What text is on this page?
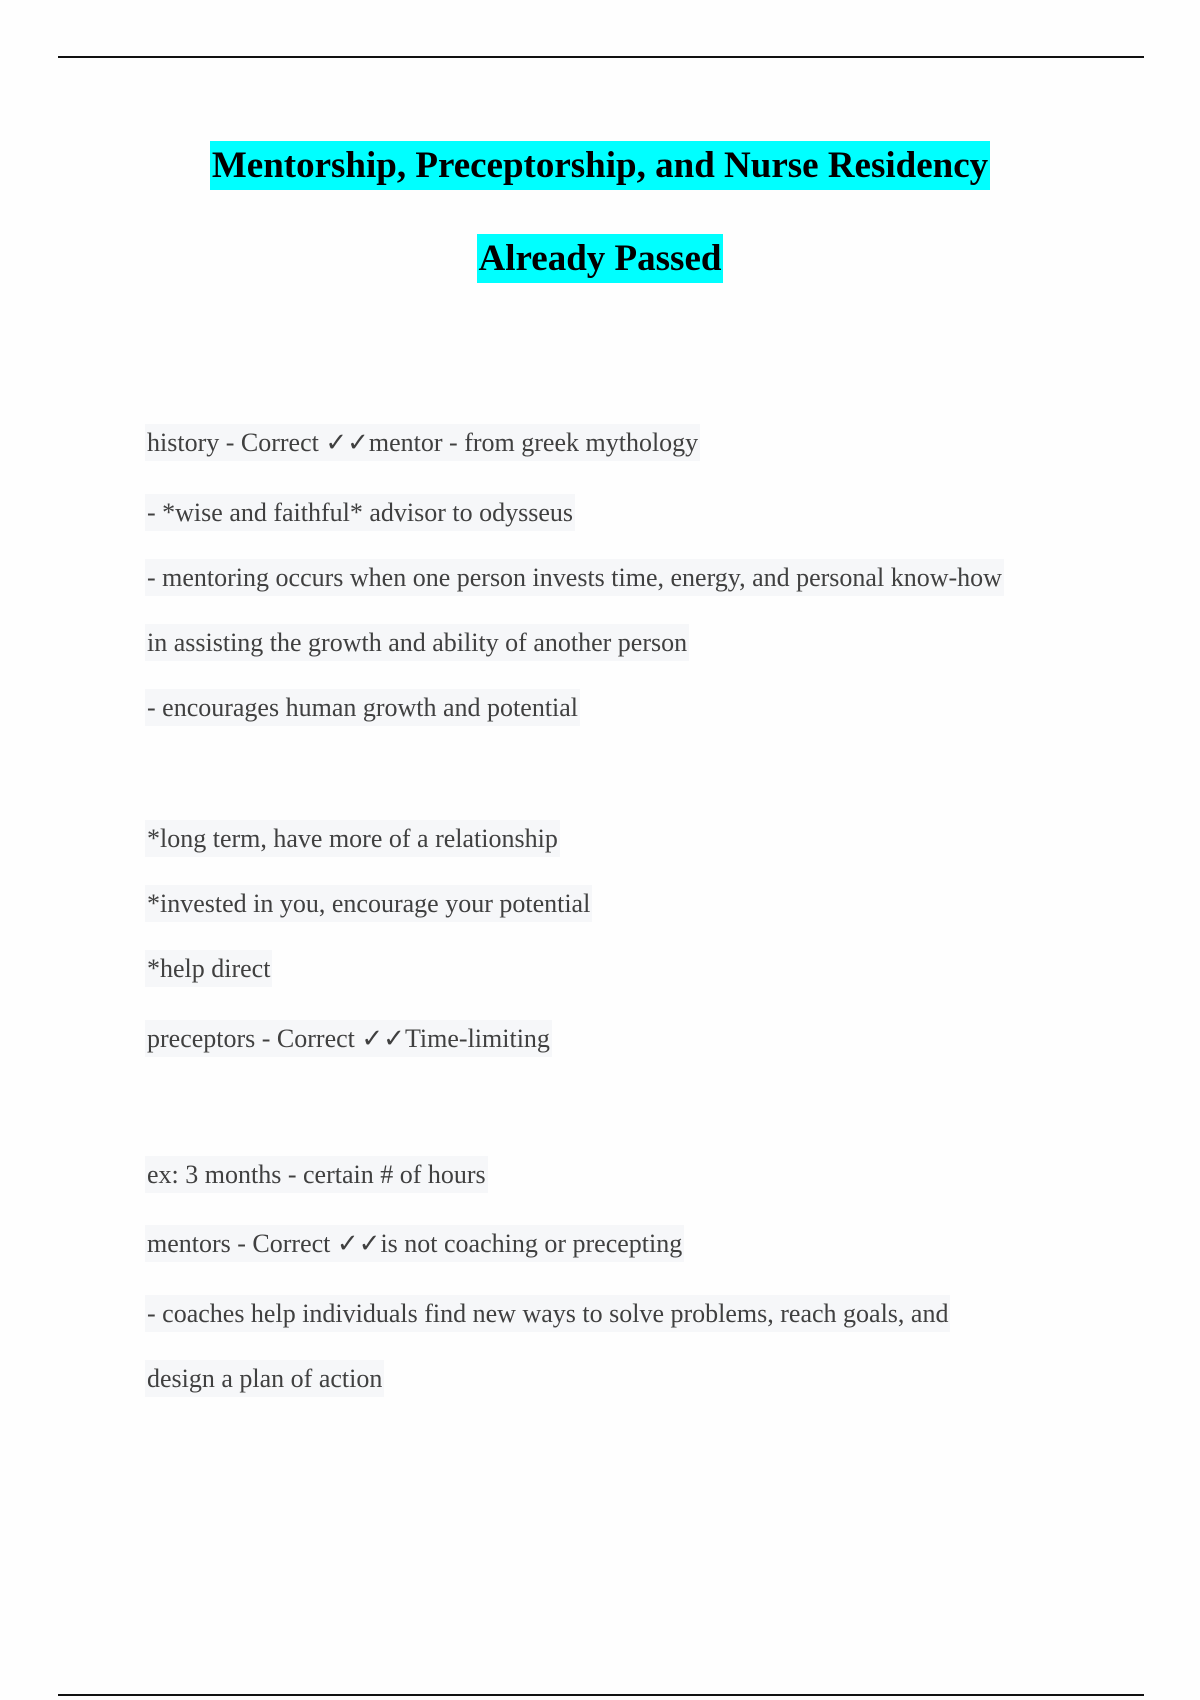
Mentorship, Preceptorship, and Nurse Residency
Already Passed
history - Correct ✓✓mentor - from greek mythology
- *wise and faithful* advisor to odysseus
- mentoring occurs when one person invests time, energy, and personal know-how
in assisting the growth and ability of another person
- encourages human growth and potential
*long term, have more of a relationship
*invested in you, encourage your potential
*help direct
preceptors - Correct ✓✓Time-limiting
ex: 3 months - certain # of hours
mentors - Correct ✓✓is not coaching or precepting
- coaches help individuals find new ways to solve problems, reach goals, and
design a plan of action
